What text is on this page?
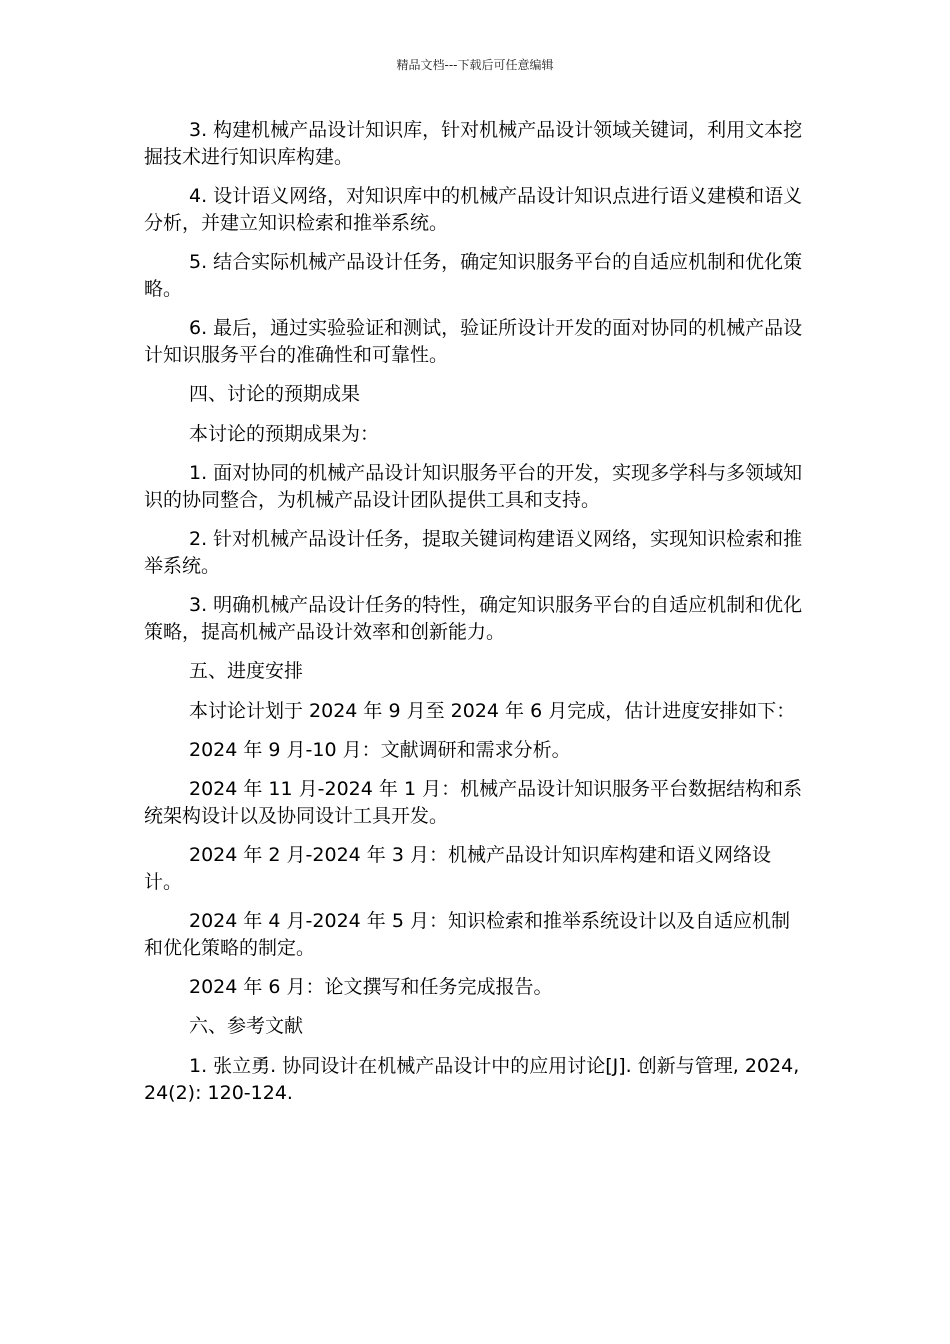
精品文档---下载后可任意编辑

3. 构建机械产品设计知识库，针对机械产品设计领域关键词，利用文本挖掘技术进行知识库构建。

4. 设计语义网络，对知识库中的机械产品设计知识点进行语义建模和语义分析，并建立知识检索和推举系统。

5. 结合实际机械产品设计任务，确定知识服务平台的自适应机制和优化策略。

6. 最后，通过实验验证和测试，验证所设计开发的面对协同的机械产品设计知识服务平台的准确性和可靠性。

四、讨论的预期成果

本讨论的预期成果为：

1. 面对协同的机械产品设计知识服务平台的开发，实现多学科与多领域知识的协同整合，为机械产品设计团队提供工具和支持。

2. 针对机械产品设计任务，提取关键词构建语义网络，实现知识检索和推举系统。

3. 明确机械产品设计任务的特性，确定知识服务平台的自适应机制和优化策略，提高机械产品设计效率和创新能力。

五、进度安排

本讨论计划于 2024 年 9 月至 2024 年 6 月完成，估计进度安排如下：

2024 年 9 月-10 月：文献调研和需求分析。

2024 年 11 月-2024 年 1 月：机械产品设计知识服务平台数据结构和系统架构设计以及协同设计工具开发。

2024 年 2 月-2024 年 3 月：机械产品设计知识库构建和语义网络设计。

2024 年 4 月-2024 年 5 月：知识检索和推举系统设计以及自适应机制和优化策略的制定。

2024 年 6 月：论文撰写和任务完成报告。

六、参考文献

1. 张立勇. 协同设计在机械产品设计中的应用讨论[J]. 创新与管理, 2024, 24(2): 120-124.
